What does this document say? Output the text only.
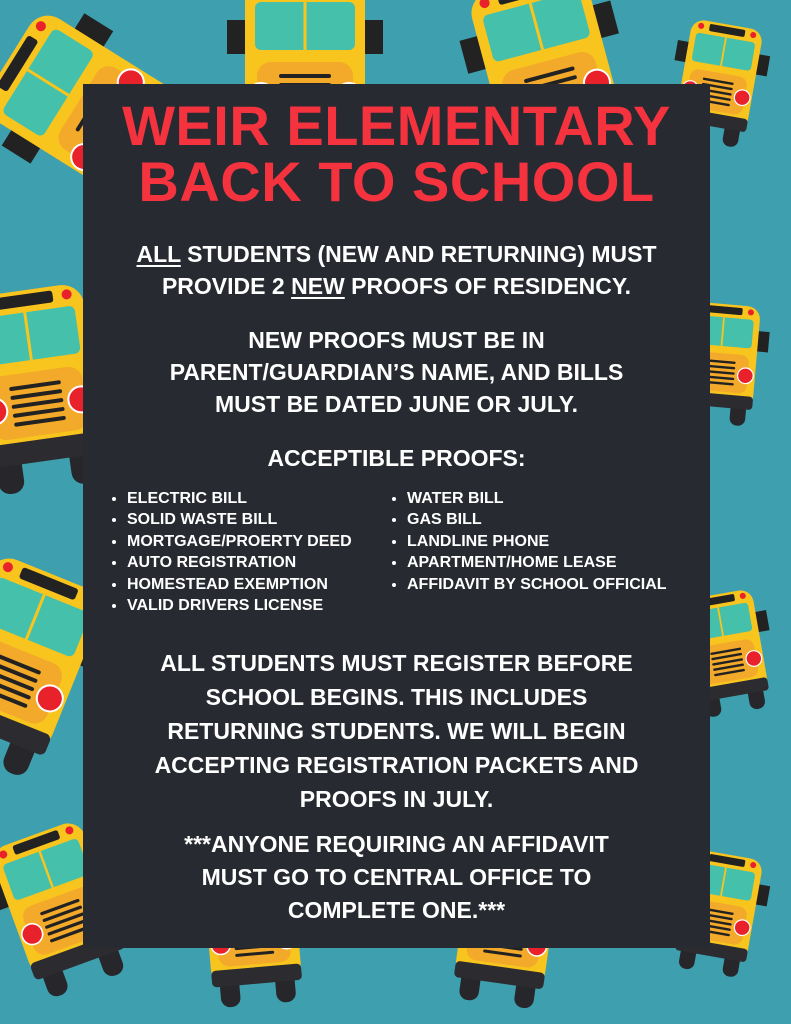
WEIR ELEMENTARY
BACK TO SCHOOL
ALL STUDENTS (NEW AND RETURNING) MUST
PROVIDE 2 NEW PROOFS OF RESIDENCY.
NEW PROOFS MUST BE IN
PARENT/GUARDIAN’S NAME, AND BILLS
MUST BE DATED JUNE OR JULY.
ACCEPTIBLE PROOFS:
• ELECTRIC BILL
• SOLID WASTE BILL
• MORTGAGE/PROERTY DEED
• AUTO REGISTRATION
• HOMESTEAD EXEMPTION
• VALID DRIVERS LICENSE
• WATER BILL
• GAS BILL
• LANDLINE PHONE
• APARTMENT/HOME LEASE
• AFFIDAVIT BY SCHOOL OFFICIAL
ALL STUDENTS MUST REGISTER BEFORE
SCHOOL BEGINS. THIS INCLUDES
RETURNING STUDENTS. WE WILL BEGIN
ACCEPTING REGISTRATION PACKETS AND
PROOFS IN JULY.
***ANYONE REQUIRING AN AFFIDAVIT
MUST GO TO CENTRAL OFFICE TO
COMPLETE ONE.***
